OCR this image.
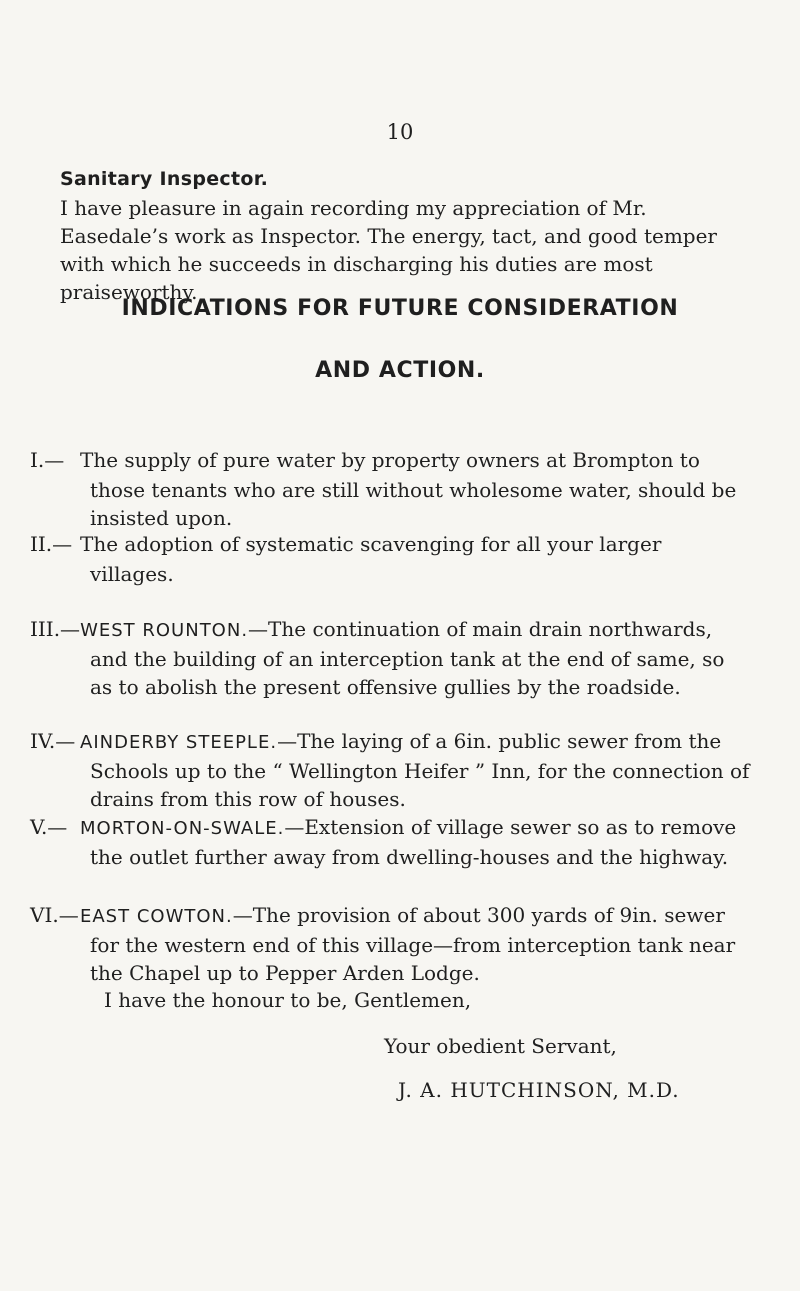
10
Sanitary Inspector.
I have pleasure in again recording my appreciation of Mr. Easedale’s work as Inspector. The energy, tact, and good temper with which he succeeds in discharging his duties are most praiseworthy.
INDICATIONS FOR FUTURE CONSIDERATION
AND ACTION.
I.— The supply of pure water by property owners at Brompton to those tenants who are still without wholesome water, should be insisted upon.
II.— The adoption of systematic scavenging for all your larger villages.
III.—WEST ROUNTON.—The continuation of main drain northwards, and the building of an interception tank at the end of same, so as to abolish the present offensive gullies by the roadside.
IV.— AINDERBY STEEPLE.—The laying of a 6in. public sewer from the Schools up to the “ Wellington Heifer ” Inn, for the connection of drains from this row of houses.
V.— MORTON-ON-SWALE.—Extension of village sewer so as to remove the outlet further away from dwelling-houses and the highway.
VI.—EAST COWTON.—The provision of about 300 yards of 9in. sewer for the western end of this village—from interception tank near the Chapel up to Pepper Arden Lodge.
I have the honour to be, Gentlemen,
Your obedient Servant,
J. A. HUTCHINSON, M.D.
